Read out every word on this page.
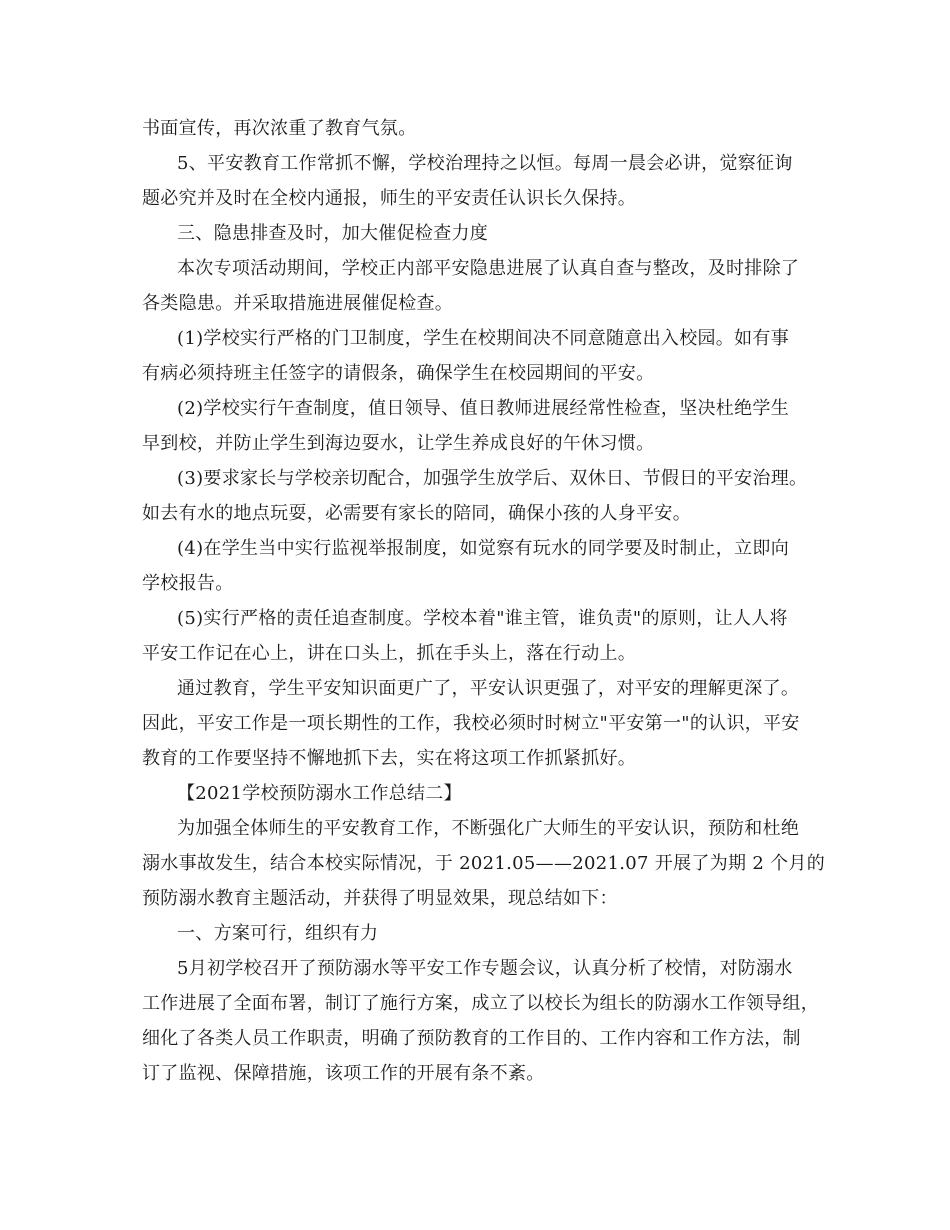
书面宣传，再次浓重了教育气氛。
5、平安教育工作常抓不懈，学校治理持之以恒。每周一晨会必讲，觉察征询
题必究并及时在全校内通报，师生的平安责任认识长久保持。
三、隐患排查及时，加大催促检查力度
本次专项活动期间，学校正内部平安隐患进展了认真自查与整改，及时排除了
各类隐患。并采取措施进展催促检查。
(1)学校实行严格的门卫制度，学生在校期间决不同意随意出入校园。如有事
有病必须持班主任签字的请假条，确保学生在校园期间的平安。
(2)学校实行午查制度，值日领导、值日教师进展经常性检查，坚决杜绝学生
早到校，并防止学生到海边耍水，让学生养成良好的午休习惯。
(3)要求家长与学校亲切配合，加强学生放学后、双休日、节假日的平安治理。
如去有水的地点玩耍，必需要有家长的陪同，确保小孩的人身平安。
(4)在学生当中实行监视举报制度，如觉察有玩水的同学要及时制止，立即向
学校报告。
(5)实行严格的责任追查制度。学校本着"谁主管，谁负责"的原则，让人人将
平安工作记在心上，讲在口头上，抓在手头上，落在行动上。
通过教育，学生平安知识面更广了，平安认识更强了，对平安的理解更深了。
因此，平安工作是一项长期性的工作，我校必须时时树立"平安第一"的认识，平安
教育的工作要坚持不懈地抓下去，实在将这项工作抓紧抓好。
【2021学校预防溺水工作总结二】
为加强全体师生的平安教育工作，不断强化广大师生的平安认识，预防和杜绝
溺水事故发生，结合本校实际情况，于 2021.05——2021.07 开展了为期 2 个月的
预防溺水教育主题活动，并获得了明显效果，现总结如下：
一、方案可行，组织有力
5月初学校召开了预防溺水等平安工作专题会议，认真分析了校情，对防溺水
工作进展了全面布署，制订了施行方案，成立了以校长为组长的防溺水工作领导组，
细化了各类人员工作职责，明确了预防教育的工作目的、工作内容和工作方法，制
订了监视、保障措施，该项工作的开展有条不紊。
